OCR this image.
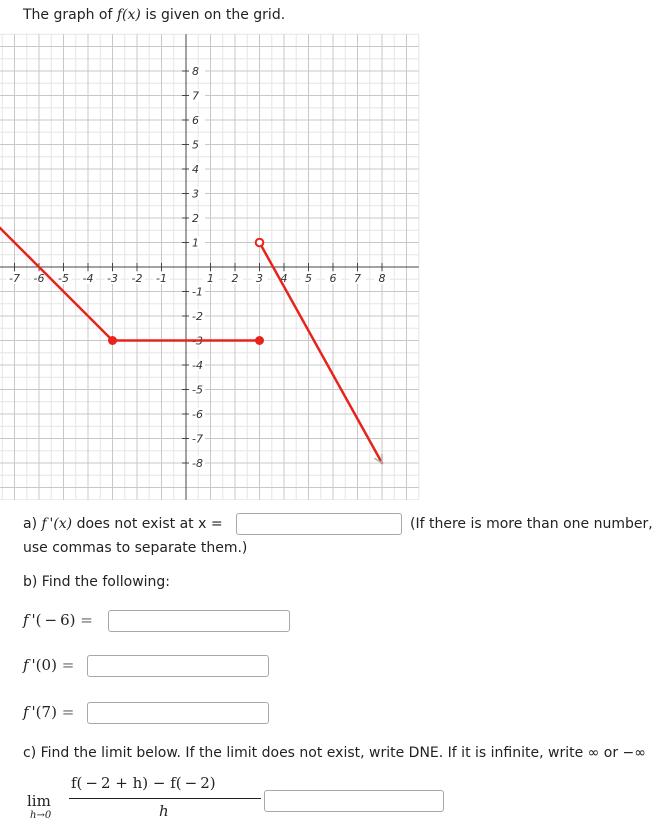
The graph of f(x) is given on the grid.
-7 -6 -5 -4 -3 -2 -1	1 2 3 4 5 6 7 8
8
7
6
5
4
3
2
1
-1
-2
-3
-4
-5
-6
-7
-8
a) f '(x) does not exist at x =	(If there is more than one number,
use commas to separate them.)
b) Find the following:
f '( − 6) =
f '(0) =
f '(7) =
c) Find the limit below. If the limit does not exist, write DNE. If it is infinite, write ∞ or −∞
lim
h→0
f( − 2 + h) − f( − 2)
h
